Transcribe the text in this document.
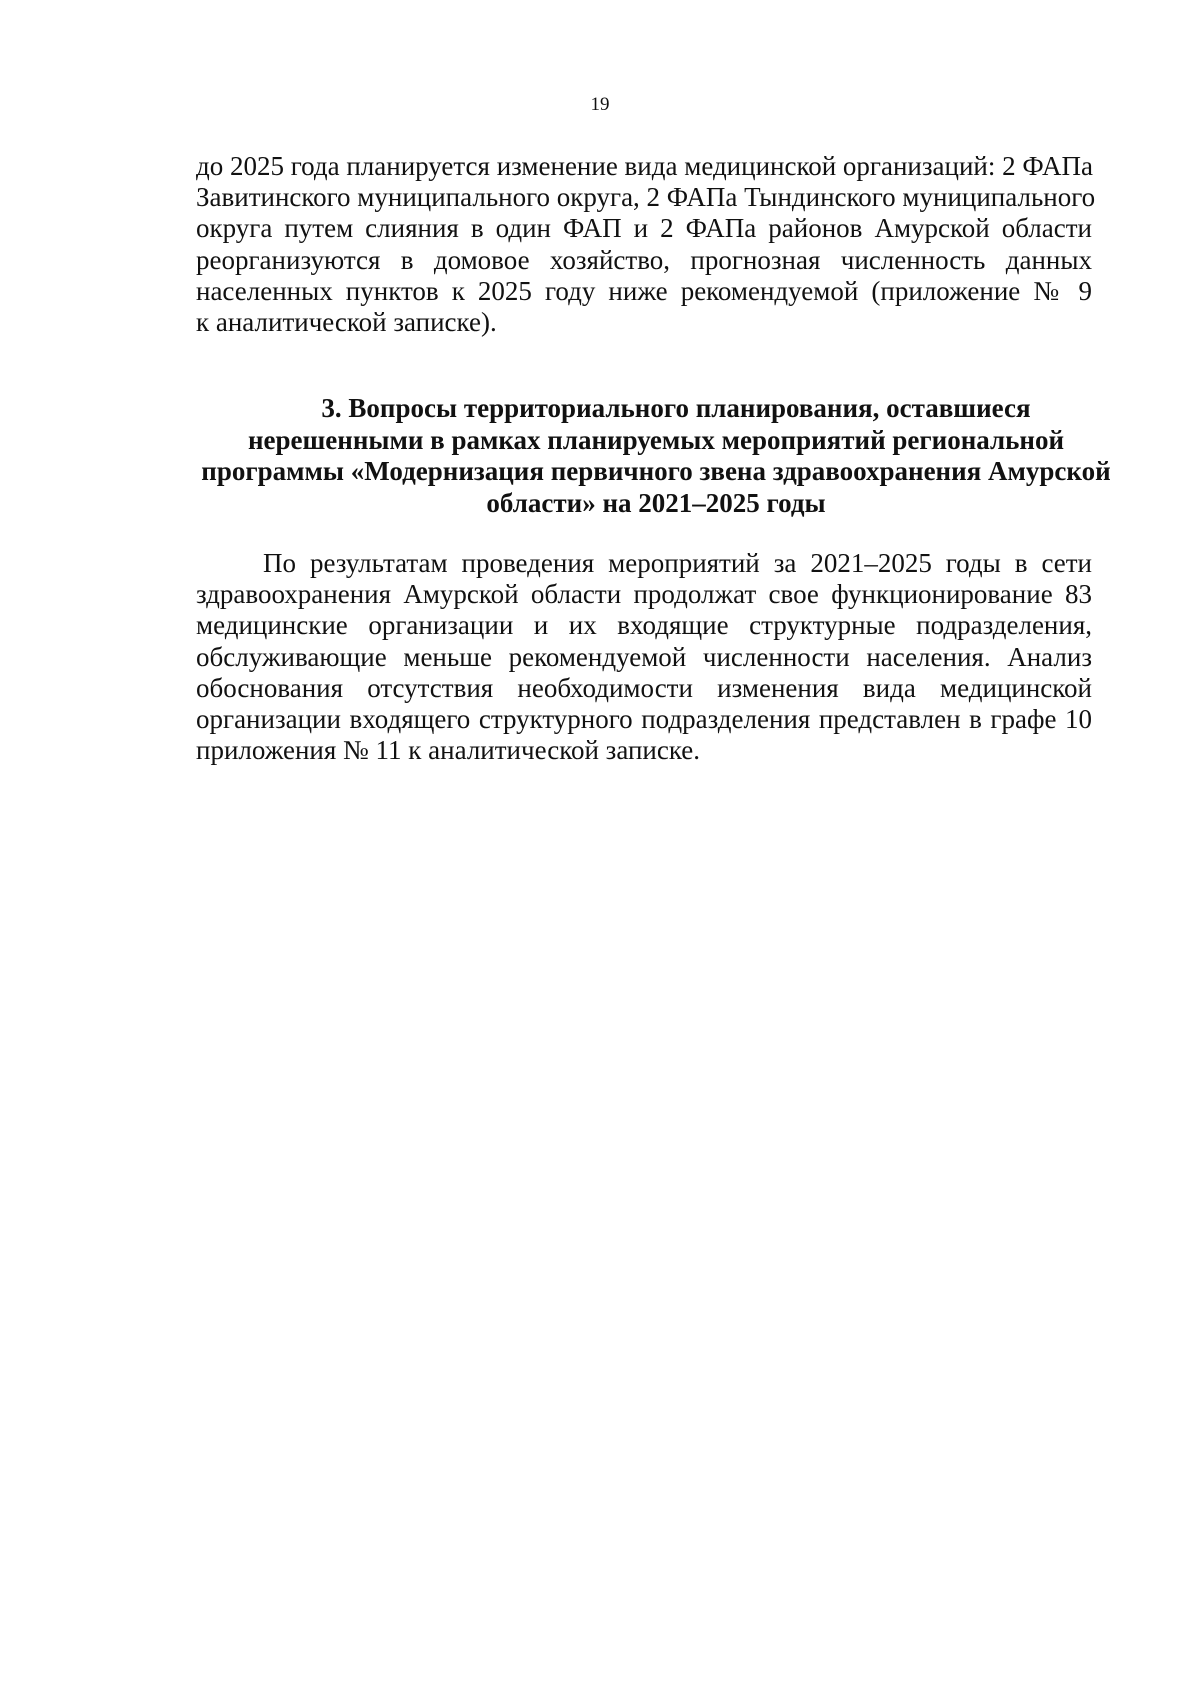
19
до 2025 года планируется изменение вида медицинской организаций: 2 ФАПа
Завитинского муниципального округа, 2 ФАПа Тындинского муниципального
округа путем слияния в один ФАП и 2 ФАПа районов Амурской области
реорганизуются в домовое хозяйство, прогнозная численность данных
населенных пунктов к 2025 году ниже рекомендуемой (приложение № 9
к аналитической записке).
3. Вопросы территориального планирования, оставшиеся
нерешенными в рамках планируемых мероприятий региональной
программы «Модернизация первичного звена здравоохранения Амурской
области» на 2021–2025 годы
По результатам проведения мероприятий за 2021–2025 годы в сети
здравоохранения Амурской области продолжат свое функционирование 83
медицинские организации и их входящие структурные подразделения,
обслуживающие меньше рекомендуемой численности населения. Анализ
обоснования отсутствия необходимости изменения вида медицинской
организации входящего структурного подразделения представлен в графе 10
приложения № 11 к аналитической записке.
